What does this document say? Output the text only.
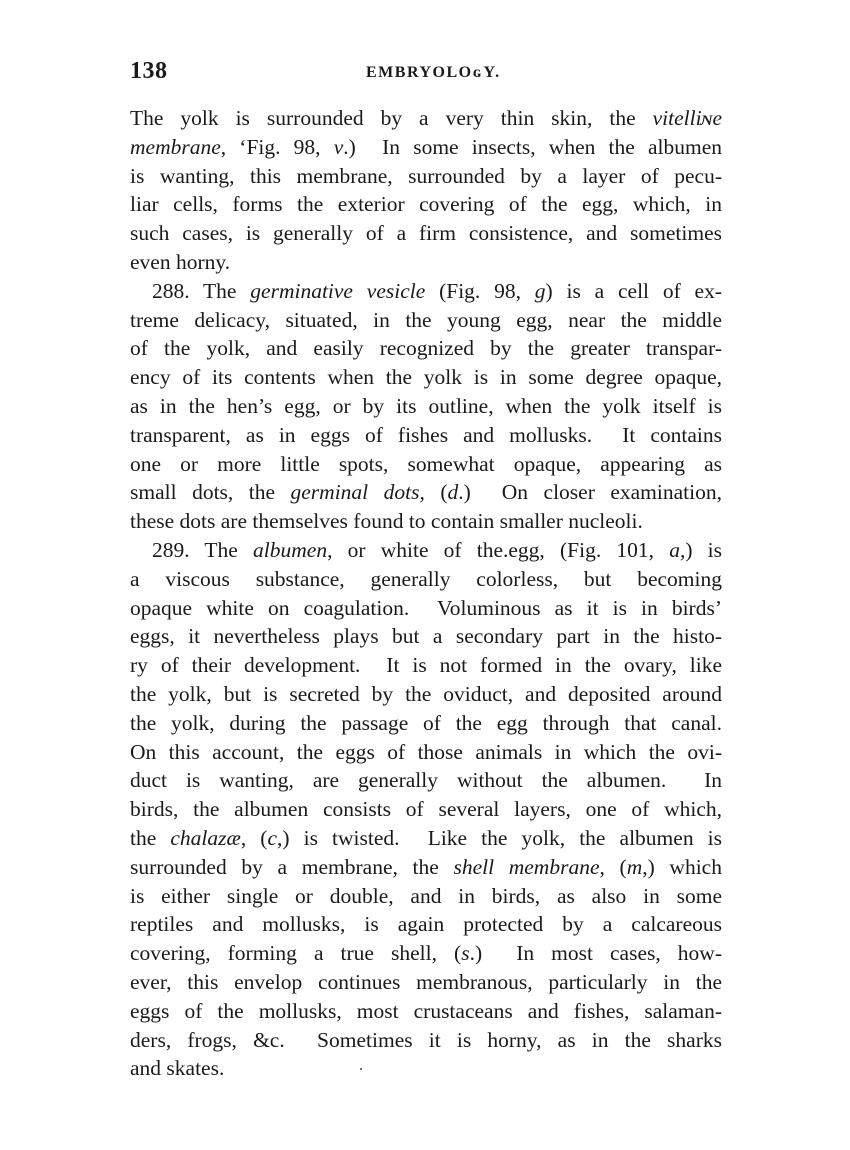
138	EMBRYOLOɢY.
The yolk is surrounded by a very thin skin, the vitelliɴe
membrane, ‘Fig. 98, v.)  In some insects, when the albumen
is wanting, this membrane, surrounded by a layer of pecu-
liar cells, forms the exterior covering of the egg, which, in
such cases, is generally of a firm consistence, and sometimes
even horny.
288. The germinative vesicle (Fig. 98, g) is a cell of ex-
treme delicacy, situated, in the young egg, near the middle
of the yolk, and easily recognized by the greater transpar-
ency of its contents when the yolk is in some degree opaque,
as in the hen’s egg, or by its outline, when the yolk itself is
transparent, as in eggs of fishes and mollusks.  It contains
one or more little spots, somewhat opaque, appearing as
small dots, the germinal dots, (d.)  On closer examination,
these dots are themselves found to contain smaller nucleoli.
289. The albumen, or white of the.egg, (Fig. 101, a,) is
a viscous substance, generally colorless, but becoming
opaque white on coagulation.  Voluminous as it is in birds’
eggs, it nevertheless plays but a secondary part in the histo-
ry of their development.  It is not formed in the ovary, like
the yolk, but is secreted by the oviduct, and deposited around
the yolk, during the passage of the egg through that canal.
On this account, the eggs of those animals in which the ovi-
duct is wanting, are generally without the albumen.  In
birds, the albumen consists of several layers, one of which,
the chalazæ, (c,) is twisted.  Like the yolk, the albumen is
surrounded by a membrane, the shell membrane, (m,) which
is either single or double, and in birds, as also in some
reptiles and mollusks, is again protected by a calcareous
covering, forming a true shell, (s.)  In most cases, how-
ever, this envelop continues membranous, particularly in the
eggs of the mollusks, most crustaceans and fishes, salaman-
ders, frogs, &c.  Sometimes it is horny, as in the sharks
and skates.
